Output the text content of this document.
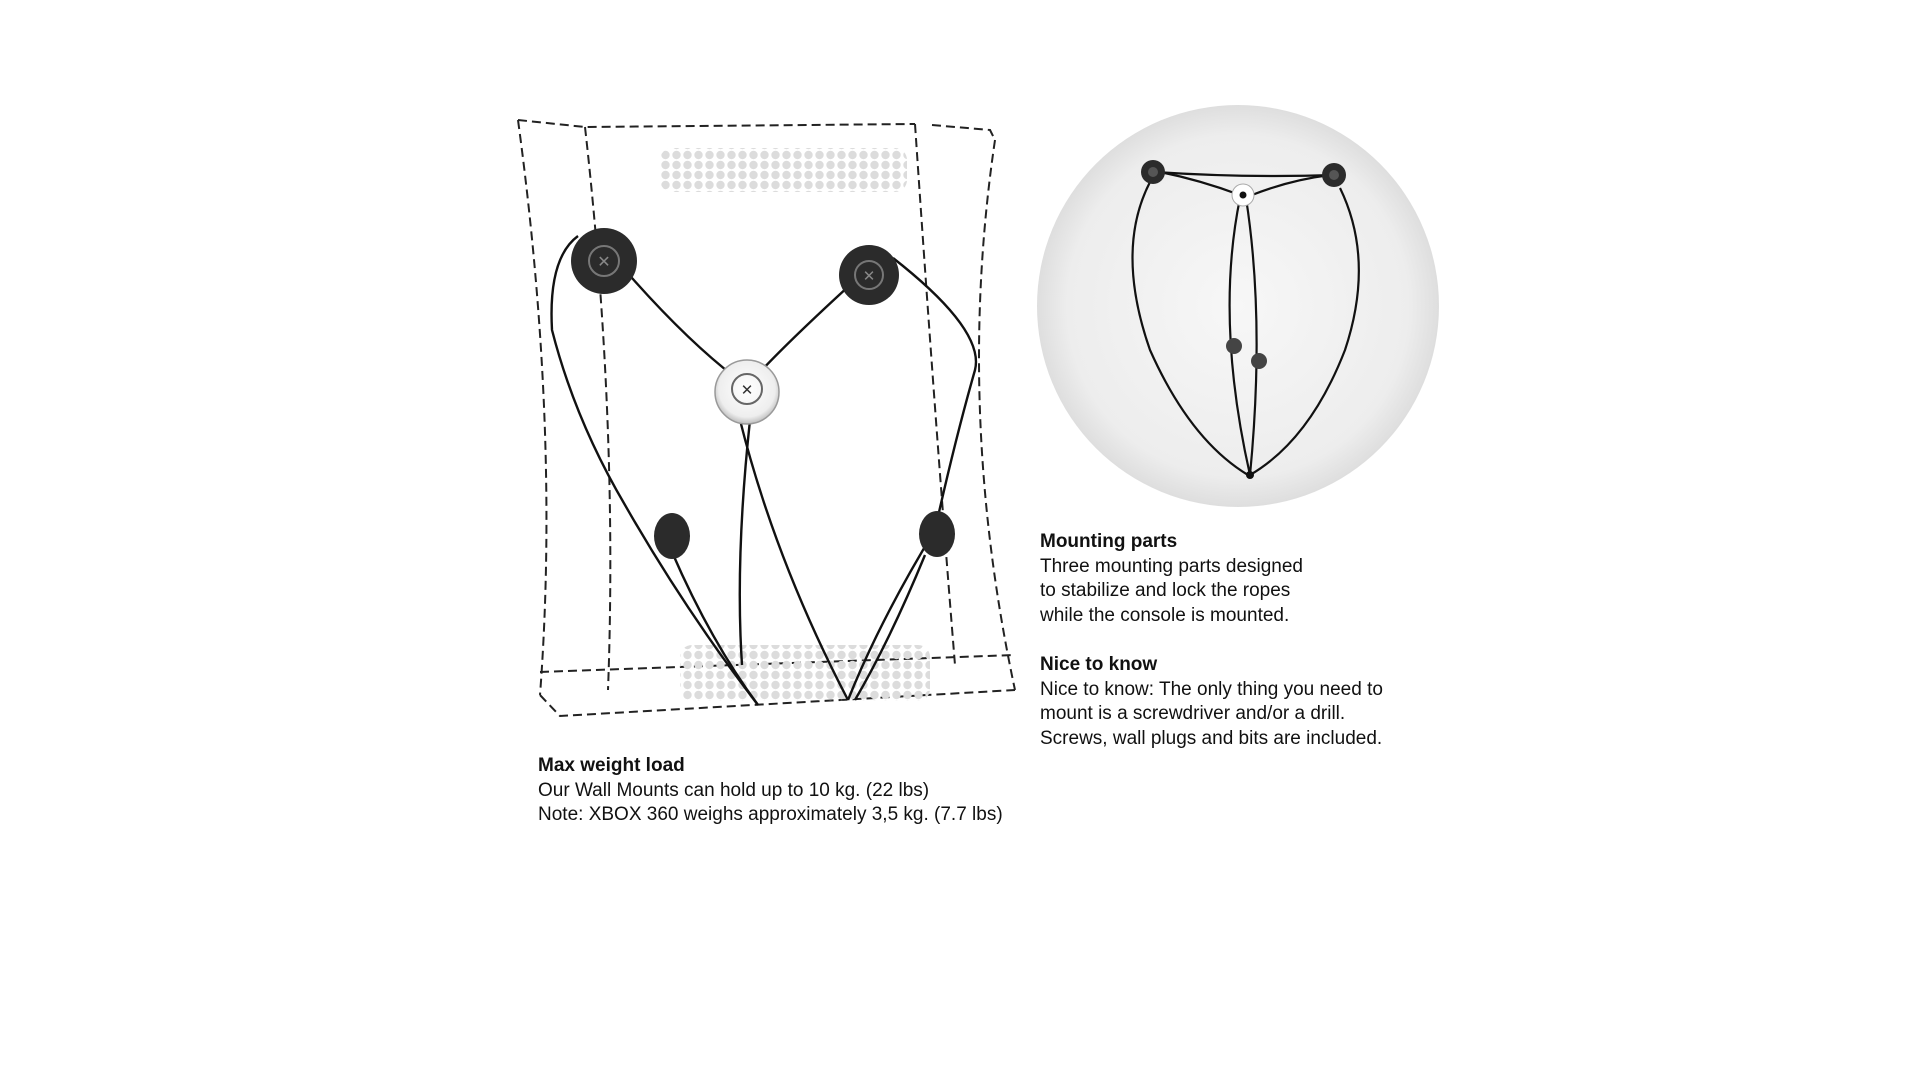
✕
✕
✕
Max weight load
Our Wall Mounts can hold up to 10 kg. (22 lbs)
Note: XBOX 360 weighs approximately 3,5 kg. (7.7 lbs)
Mounting parts
Three mounting parts designed
to stabilize and lock the ropes
while the console is mounted.
Nice to know
Nice to know: The only thing you need to
mount is a screwdriver and/or a drill.
Screws, wall plugs and bits are included.
